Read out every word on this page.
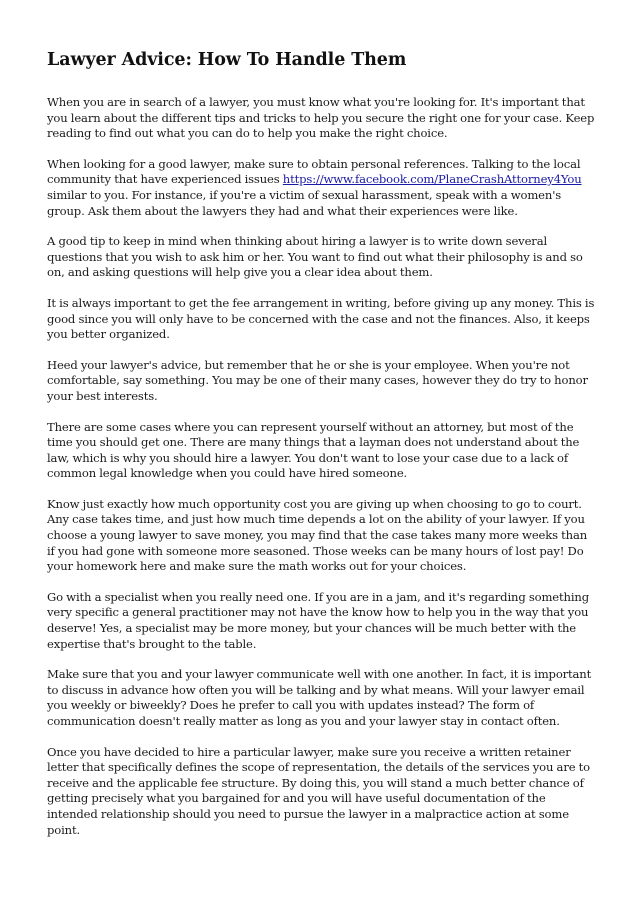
Lawyer Advice: How To Handle Them

When you are in search of a lawyer, you must know what you're looking for. It's important that you learn about the different tips and tricks to help you secure the right one for your case. Keep reading to find out what you can do to help you make the right choice.

When looking for a good lawyer, make sure to obtain personal references. Talking to the local community that have experienced issues https://www.facebook.com/PlaneCrashAttorney4You similar to you. For instance, if you're a victim of sexual harassment, speak with a women's group. Ask them about the lawyers they had and what their experiences were like.

A good tip to keep in mind when thinking about hiring a lawyer is to write down several questions that you wish to ask him or her. You want to find out what their philosophy is and so on, and asking questions will help give you a clear idea about them.

It is always important to get the fee arrangement in writing, before giving up any money. This is good since you will only have to be concerned with the case and not the finances. Also, it keeps you better organized.

Heed your lawyer's advice, but remember that he or she is your employee. When you're not comfortable, say something. You may be one of their many cases, however they do try to honor your best interests.

There are some cases where you can represent yourself without an attorney, but most of the time you should get one. There are many things that a layman does not understand about the law, which is why you should hire a lawyer. You don't want to lose your case due to a lack of common legal knowledge when you could have hired someone.

Know just exactly how much opportunity cost you are giving up when choosing to go to court. Any case takes time, and just how much time depends a lot on the ability of your lawyer. If you choose a young lawyer to save money, you may find that the case takes many more weeks than if you had gone with someone more seasoned. Those weeks can be many hours of lost pay! Do your homework here and make sure the math works out for your choices.

Go with a specialist when you really need one. If you are in a jam, and it's regarding something very specific a general practitioner may not have the know how to help you in the way that you deserve! Yes, a specialist may be more money, but your chances will be much better with the expertise that's brought to the table.

Make sure that you and your lawyer communicate well with one another. In fact, it is important to discuss in advance how often you will be talking and by what means. Will your lawyer email you weekly or biweekly? Does he prefer to call you with updates instead? The form of communication doesn't really matter as long as you and your lawyer stay in contact often.

Once you have decided to hire a particular lawyer, make sure you receive a written retainer letter that specifically defines the scope of representation, the details of the services you are to receive and the applicable fee structure. By doing this, you will stand a much better chance of getting precisely what you bargained for and you will have useful documentation of the intended relationship should you need to pursue the lawyer in a malpractice action at some point.
